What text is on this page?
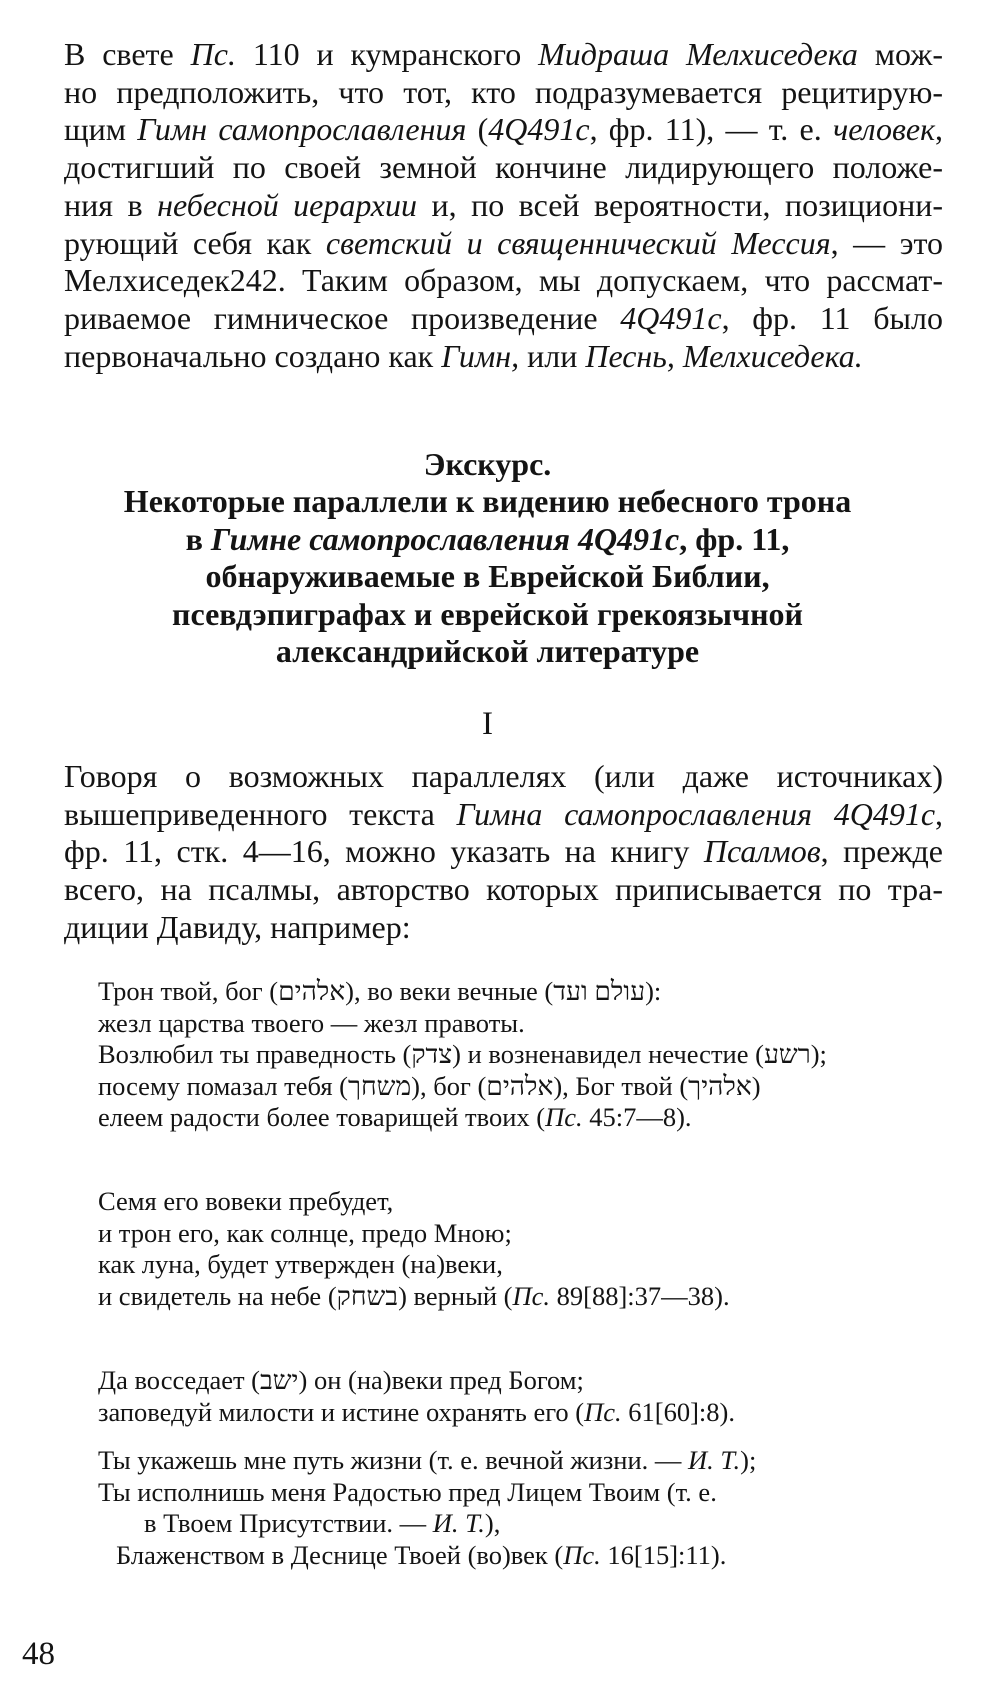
В свете Пс. 110 и кумранского Мидраша Мелхиседека мож-
но предположить, что тот, кто подразумевается рецитирую-
щим Гимн самопрославления (4Q491с, фр. 11), — т. е. человек,
достигший по своей земной кончине лидирующего положе-
ния в небесной иерархии и, по всей вероятности, позициони-
рующий себя как светский и священнический Мессия, — это
Мелхиседек242. Таким образом, мы допускаем, что рассмат-
риваемое гимническое произведение 4Q491с, фр. 11 было
первоначально создано как Гимн, или Песнь, Мелхиседека.

Экскурс.
Некоторые параллели к видению небесного трона
в Гимне самопрославления 4Q491с, фр. 11,
обнаруживаемые в Еврейской Библии,
псевдэпиграфах и еврейской грекоязычной
александрийской литературе

I

Говоря о возможных параллелях (или даже источниках)
вышеприведенного текста Гимна самопрославления 4Q491с,
фр. 11, стк. 4—16, можно указать на книгу Псалмов, прежде
всего, на псалмы, авторство которых приписывается по тра-
диции Давиду, например:

Трон твой, бог (אלהים), во веки вечные (עולם ועד):
жезл царства твоего — жезл правоты.
Возлюбил ты праведность (צדק) и возненавидел нечестие (רשע);
посему помазал тебя (משחך), бог (אלהים), Бог твой (אלהיך)
елеем радости более товарищей твоих (Пс. 45:7—8).
Семя его вовеки пребудет,
и трон его, как солнце, предо Мною;
как луна, будет утвержден (на)веки,
и свидетель на небе (בשחק) верный (Пс. 89[88]:37—38).
Да восседает (ישב) он (на)веки пред Богом;
заповедуй милости и истине охранять его (Пс. 61[60]:8).
Ты укажешь мне путь жизни (т. е. вечной жизни. — И. Т.);
Ты исполнишь меня Радостью пред Лицем Твоим (т. е.
в Твоем Присутствии. — И. Т.),
Блаженством в Деснице Твоей (во)век (Пс. 16[15]:11).

48
